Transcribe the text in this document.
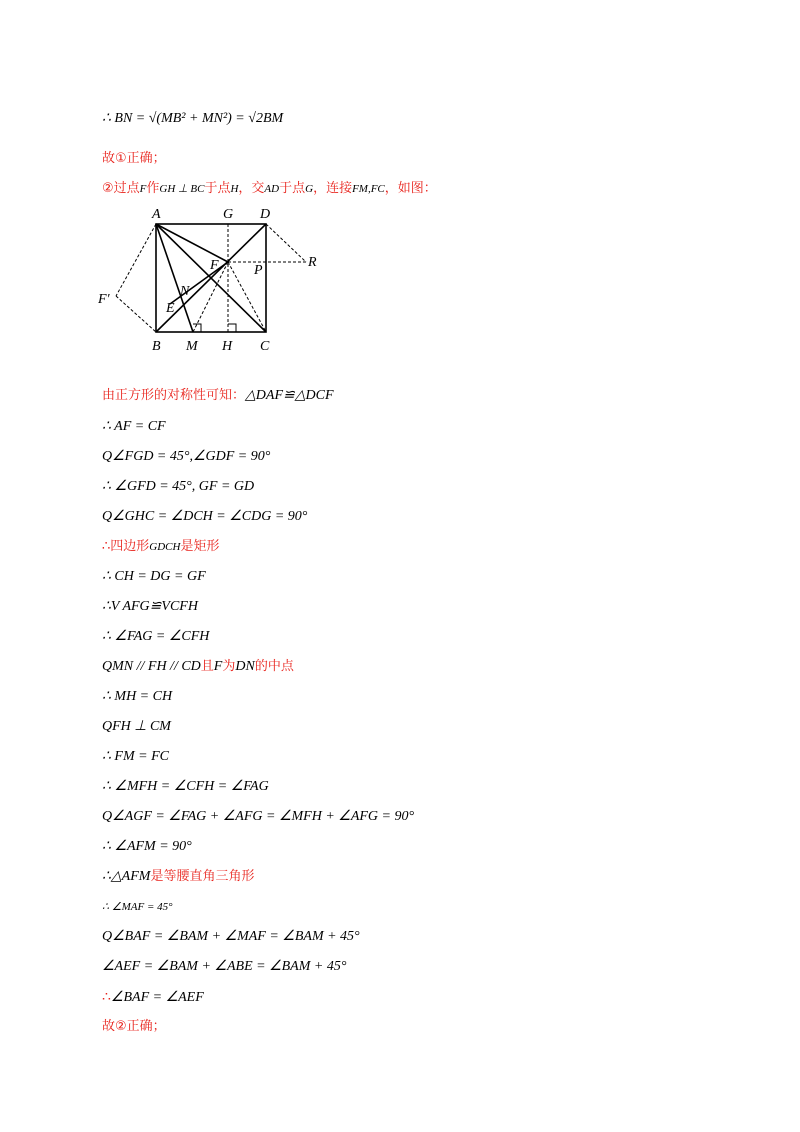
∴ BN = √(MB² + MN²) = √2BM
故①正确；
②过点F作GH ⊥ BC于点H，交AD于点G，连接FM,FC，如图：
A	G D
F	P
R
N
E
F′
B M H C
由正方形的对称性可知：△DAF≌△DCF
∴ AF = CF
Q∠FGD = 45°,∠GDF = 90°
∴ ∠GFD = 45°, GF = GD
Q∠GHC = ∠DCH = ∠CDG = 90°
∴四边形GDCH是矩形
∴ CH = DG = GF
∴V AFG≌VCFH
∴ ∠FAG = ∠CFH
QMN // FH // CD且F为DN的中点
∴ MH = CH
QFH ⊥ CM
∴ FM = FC
∴ ∠MFH = ∠CFH = ∠FAG
Q∠AGF = ∠FAG + ∠AFG = ∠MFH + ∠AFG = 90°
∴ ∠AFM = 90°
∴△AFM是等腰直角三角形
∴ ∠MAF = 45°
Q∠BAF = ∠BAM + ∠MAF = ∠BAM + 45°
∠AEF = ∠BAM + ∠ABE = ∠BAM + 45°
∴∠BAF = ∠AEF
故②正确；
